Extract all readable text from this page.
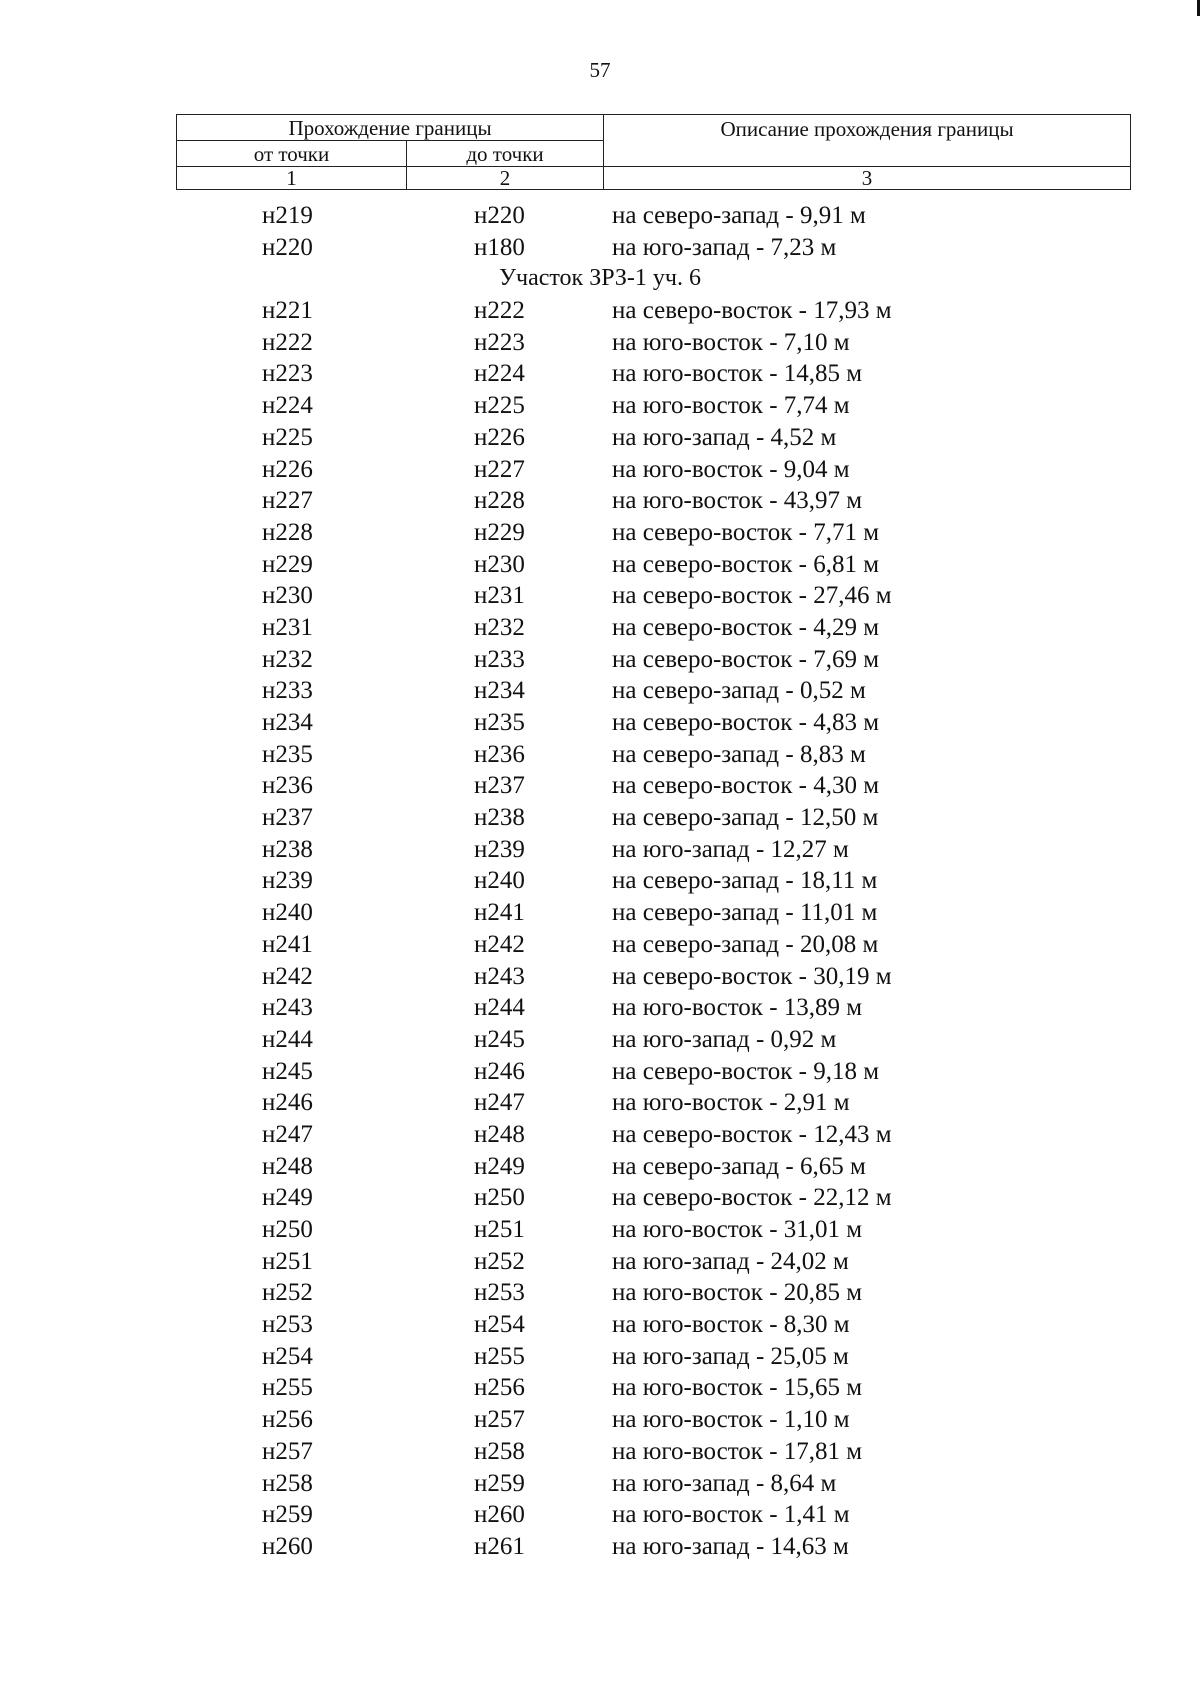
57
Прохождение границы		Описание прохождения границы
от точки	до точки	
1	2	3
н219	н220	на северо-запад - 9,91 м
н220	н180	на юго-запад - 7,23 м
Участок ЗРЗ-1 уч. 6
н221	н222	на северо-восток - 17,93 м
н222	н223	на юго-восток - 7,10 м
н223	н224	на юго-восток - 14,85 м
н224	н225	на юго-восток - 7,74 м
н225	н226	на юго-запад - 4,52 м
н226	н227	на юго-восток - 9,04 м
н227	н228	на юго-восток - 43,97 м
н228	н229	на северо-восток - 7,71 м
н229	н230	на северо-восток - 6,81 м
н230	н231	на северо-восток - 27,46 м
н231	н232	на северо-восток - 4,29 м
н232	н233	на северо-восток - 7,69 м
н233	н234	на северо-запад - 0,52 м
н234	н235	на северо-восток - 4,83 м
н235	н236	на северо-запад - 8,83 м
н236	н237	на северо-восток - 4,30 м
н237	н238	на северо-запад - 12,50 м
н238	н239	на юго-запад - 12,27 м
н239	н240	на северо-запад - 18,11 м
н240	н241	на северо-запад - 11,01 м
н241	н242	на северо-запад - 20,08 м
н242	н243	на северо-восток - 30,19 м
н243	н244	на юго-восток - 13,89 м
н244	н245	на юго-запад - 0,92 м
н245	н246	на северо-восток - 9,18 м
н246	н247	на юго-восток - 2,91 м
н247	н248	на северо-восток - 12,43 м
н248	н249	на северо-запад - 6,65 м
н249	н250	на северо-восток - 22,12 м
н250	н251	на юго-восток - 31,01 м
н251	н252	на юго-запад - 24,02 м
н252	н253	на юго-восток - 20,85 м
н253	н254	на юго-восток - 8,30 м
н254	н255	на юго-запад - 25,05 м
н255	н256	на юго-восток - 15,65 м
н256	н257	на юго-восток - 1,10 м
н257	н258	на юго-восток - 17,81 м
н258	н259	на юго-запад - 8,64 м
н259	н260	на юго-восток - 1,41 м
н260	н261	на юго-запад - 14,63 м
